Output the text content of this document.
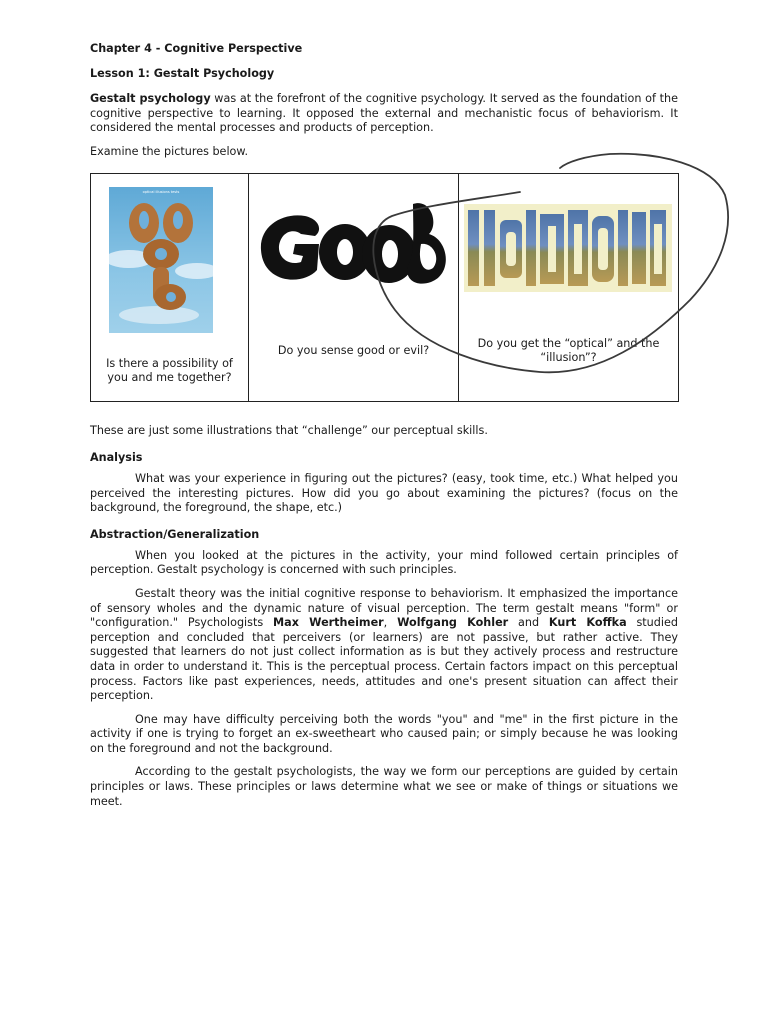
Chapter 4 - Cognitive Perspective
Lesson 1: Gestalt Psychology

Gestalt psychology was at the forefront of the cognitive psychology. It served as the foundation of the cognitive perspective to learning. It opposed the external and mechanistic focus of behaviorism. It considered the mental processes and products of perception.

Examine the pictures below.

optical illusions tests
Is there a possibility of you and me together?

Do you sense good or evil?

Do you get the “optical” and the “illusion”?

These are just some illustrations that “challenge” our perceptual skills.

Analysis

What was your experience in figuring out the pictures? (easy, took time, etc.) What helped you perceived the interesting pictures. How did you go about examining the pictures? (focus on the background, the foreground, the shape, etc.)

Abstraction/Generalization

When you looked at the pictures in the activity, your mind followed certain principles of perception. Gestalt psychology is concerned with such principles.

Gestalt theory was the initial cognitive response to behaviorism. It emphasized the importance of sensory wholes and the dynamic nature of visual perception. The term gestalt means "form" or "configuration." Psychologists Max Wertheimer, Wolfgang Kohler and Kurt Koffka studied perception and concluded that perceivers (or learners) are not passive, but rather active. They suggested that learners do not just collect information as is but they actively process and restructure data in order to understand it. This is the perceptual process. Certain factors impact on this perceptual process. Factors like past experiences, needs, attitudes and one's present situation can affect their perception.

One may have difficulty perceiving both the words "you" and "me" in the first picture in the activity if one is trying to forget an ex-sweetheart who caused pain; or simply because he was looking on the foreground and not the background.

According to the gestalt psychologists, the way we form our perceptions are guided by certain principles or laws. These principles or laws determine what we see or make of things or situations we meet.
